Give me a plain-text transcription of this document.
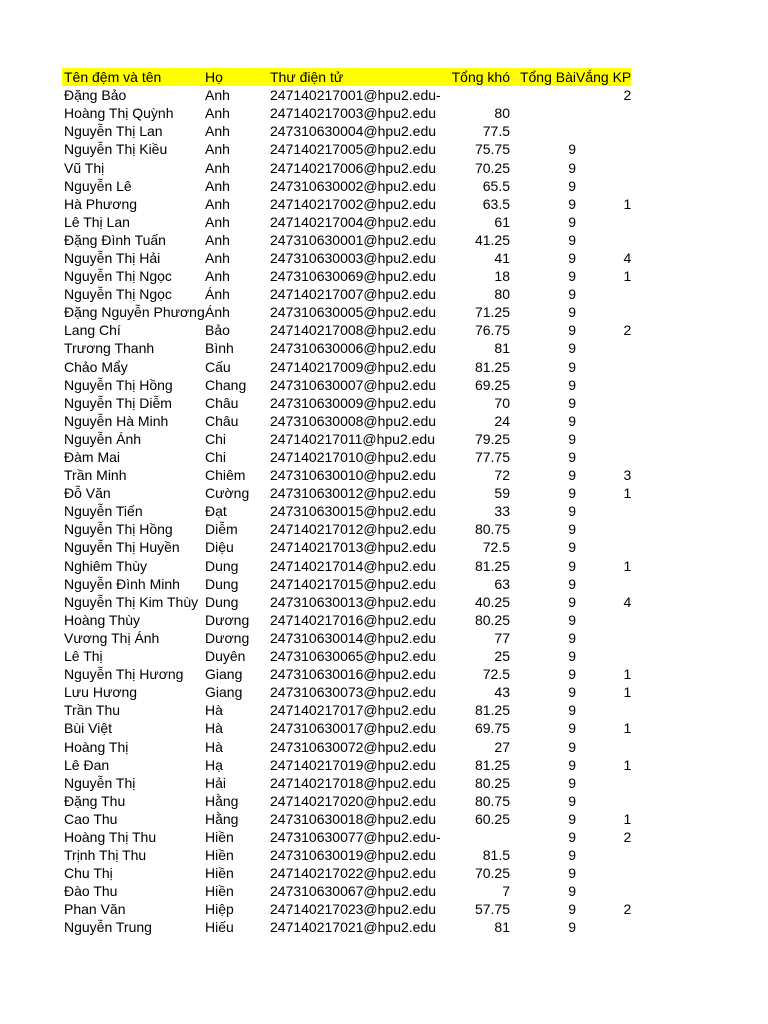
Tên đệm và tên	Họ	Thư điện tử	Tổng khó	Tổng Bài	Vắng KP
Đặng Bảo	Anh	247140217001@hpu2.edu-			2
Hoàng Thị Quỳnh	Anh	247140217003@hpu2.edu	80		
Nguyễn Thị Lan	Anh	247310630004@hpu2.edu	77.5		
Nguyễn Thị Kiều	Anh	247140217005@hpu2.edu	75.75	9	
Vũ Thị	Anh	247140217006@hpu2.edu	70.25	9	
Nguyễn Lê	Anh	247310630002@hpu2.edu	65.5	9	
Hà Phương	Anh	247140217002@hpu2.edu	63.5	9	1
Lê Thị Lan	Anh	247140217004@hpu2.edu	61	9	
Đặng Đình Tuấn	Anh	247310630001@hpu2.edu	41.25	9	
Nguyễn Thị Hải	Anh	247310630003@hpu2.edu	41	9	4
Nguyễn Thị Ngọc	Anh	247310630069@hpu2.edu	18	9	1
Nguyễn Thị Ngọc	Ánh	247140217007@hpu2.edu	80	9	
Đặng Nguyễn Phương	Ánh	247310630005@hpu2.edu	71.25	9	
Lang Chí	Bảo	247140217008@hpu2.edu	76.75	9	2
Trương Thanh	Bình	247310630006@hpu2.edu	81	9	
Chảo Mẩy	Cấu	247140217009@hpu2.edu	81.25	9	
Nguyễn Thị Hồng	Chang	247310630007@hpu2.edu	69.25	9	
Nguyễn Thị Diễm	Châu	247310630009@hpu2.edu	70	9	
Nguyễn Hà Minh	Châu	247310630008@hpu2.edu	24	9	
Nguyễn Ánh	Chi	247140217011@hpu2.edu	79.25	9	
Đàm Mai	Chi	247140217010@hpu2.edu	77.75	9	
Trần Minh	Chiêm	247310630010@hpu2.edu	72	9	3
Đỗ Văn	Cường	247310630012@hpu2.edu	59	9	1
Nguyễn Tiến	Đạt	247310630015@hpu2.edu	33	9	
Nguyễn Thị Hồng	Diễm	247140217012@hpu2.edu	80.75	9	
Nguyễn Thị Huyền	Diệu	247140217013@hpu2.edu	72.5	9	
Nghiêm Thùy	Dung	247140217014@hpu2.edu	81.25	9	1
Nguyễn Đình Minh	Dung	247140217015@hpu2.edu	63	9	
Nguyễn Thị Kim Thùy	Dung	247310630013@hpu2.edu	40.25	9	4
Hoàng Thùy	Dương	247140217016@hpu2.edu	80.25	9	
Vương Thị Ánh	Dương	247310630014@hpu2.edu	77	9	
Lê Thị	Duyên	247310630065@hpu2.edu	25	9	
Nguyễn Thị Hương	Giang	247310630016@hpu2.edu	72.5	9	1
Lưu Hương	Giang	247310630073@hpu2.edu	43	9	1
Trần Thu	Hà	247140217017@hpu2.edu	81.25	9	
Bùi Việt	Hà	247310630017@hpu2.edu	69.75	9	1
Hoàng Thị	Hà	247310630072@hpu2.edu	27	9	
Lê Đan	Hạ	247140217019@hpu2.edu	81.25	9	1
Nguyễn Thị	Hải	247140217018@hpu2.edu	80.25	9	
Đặng Thu	Hằng	247140217020@hpu2.edu	80.75	9	
Cao Thu	Hằng	247310630018@hpu2.edu	60.25	9	1
Hoàng Thị Thu	Hiền	247310630077@hpu2.edu-		9	2
Trịnh Thị Thu	Hiền	247310630019@hpu2.edu	81.5	9	
Chu Thị	Hiền	247140217022@hpu2.edu	70.25	9	
Đào Thu	Hiền	247310630067@hpu2.edu	7	9	
Phan Văn	Hiệp	247140217023@hpu2.edu	57.75	9	2
Nguyễn Trung	Hiếu	247140217021@hpu2.edu	81	9	
